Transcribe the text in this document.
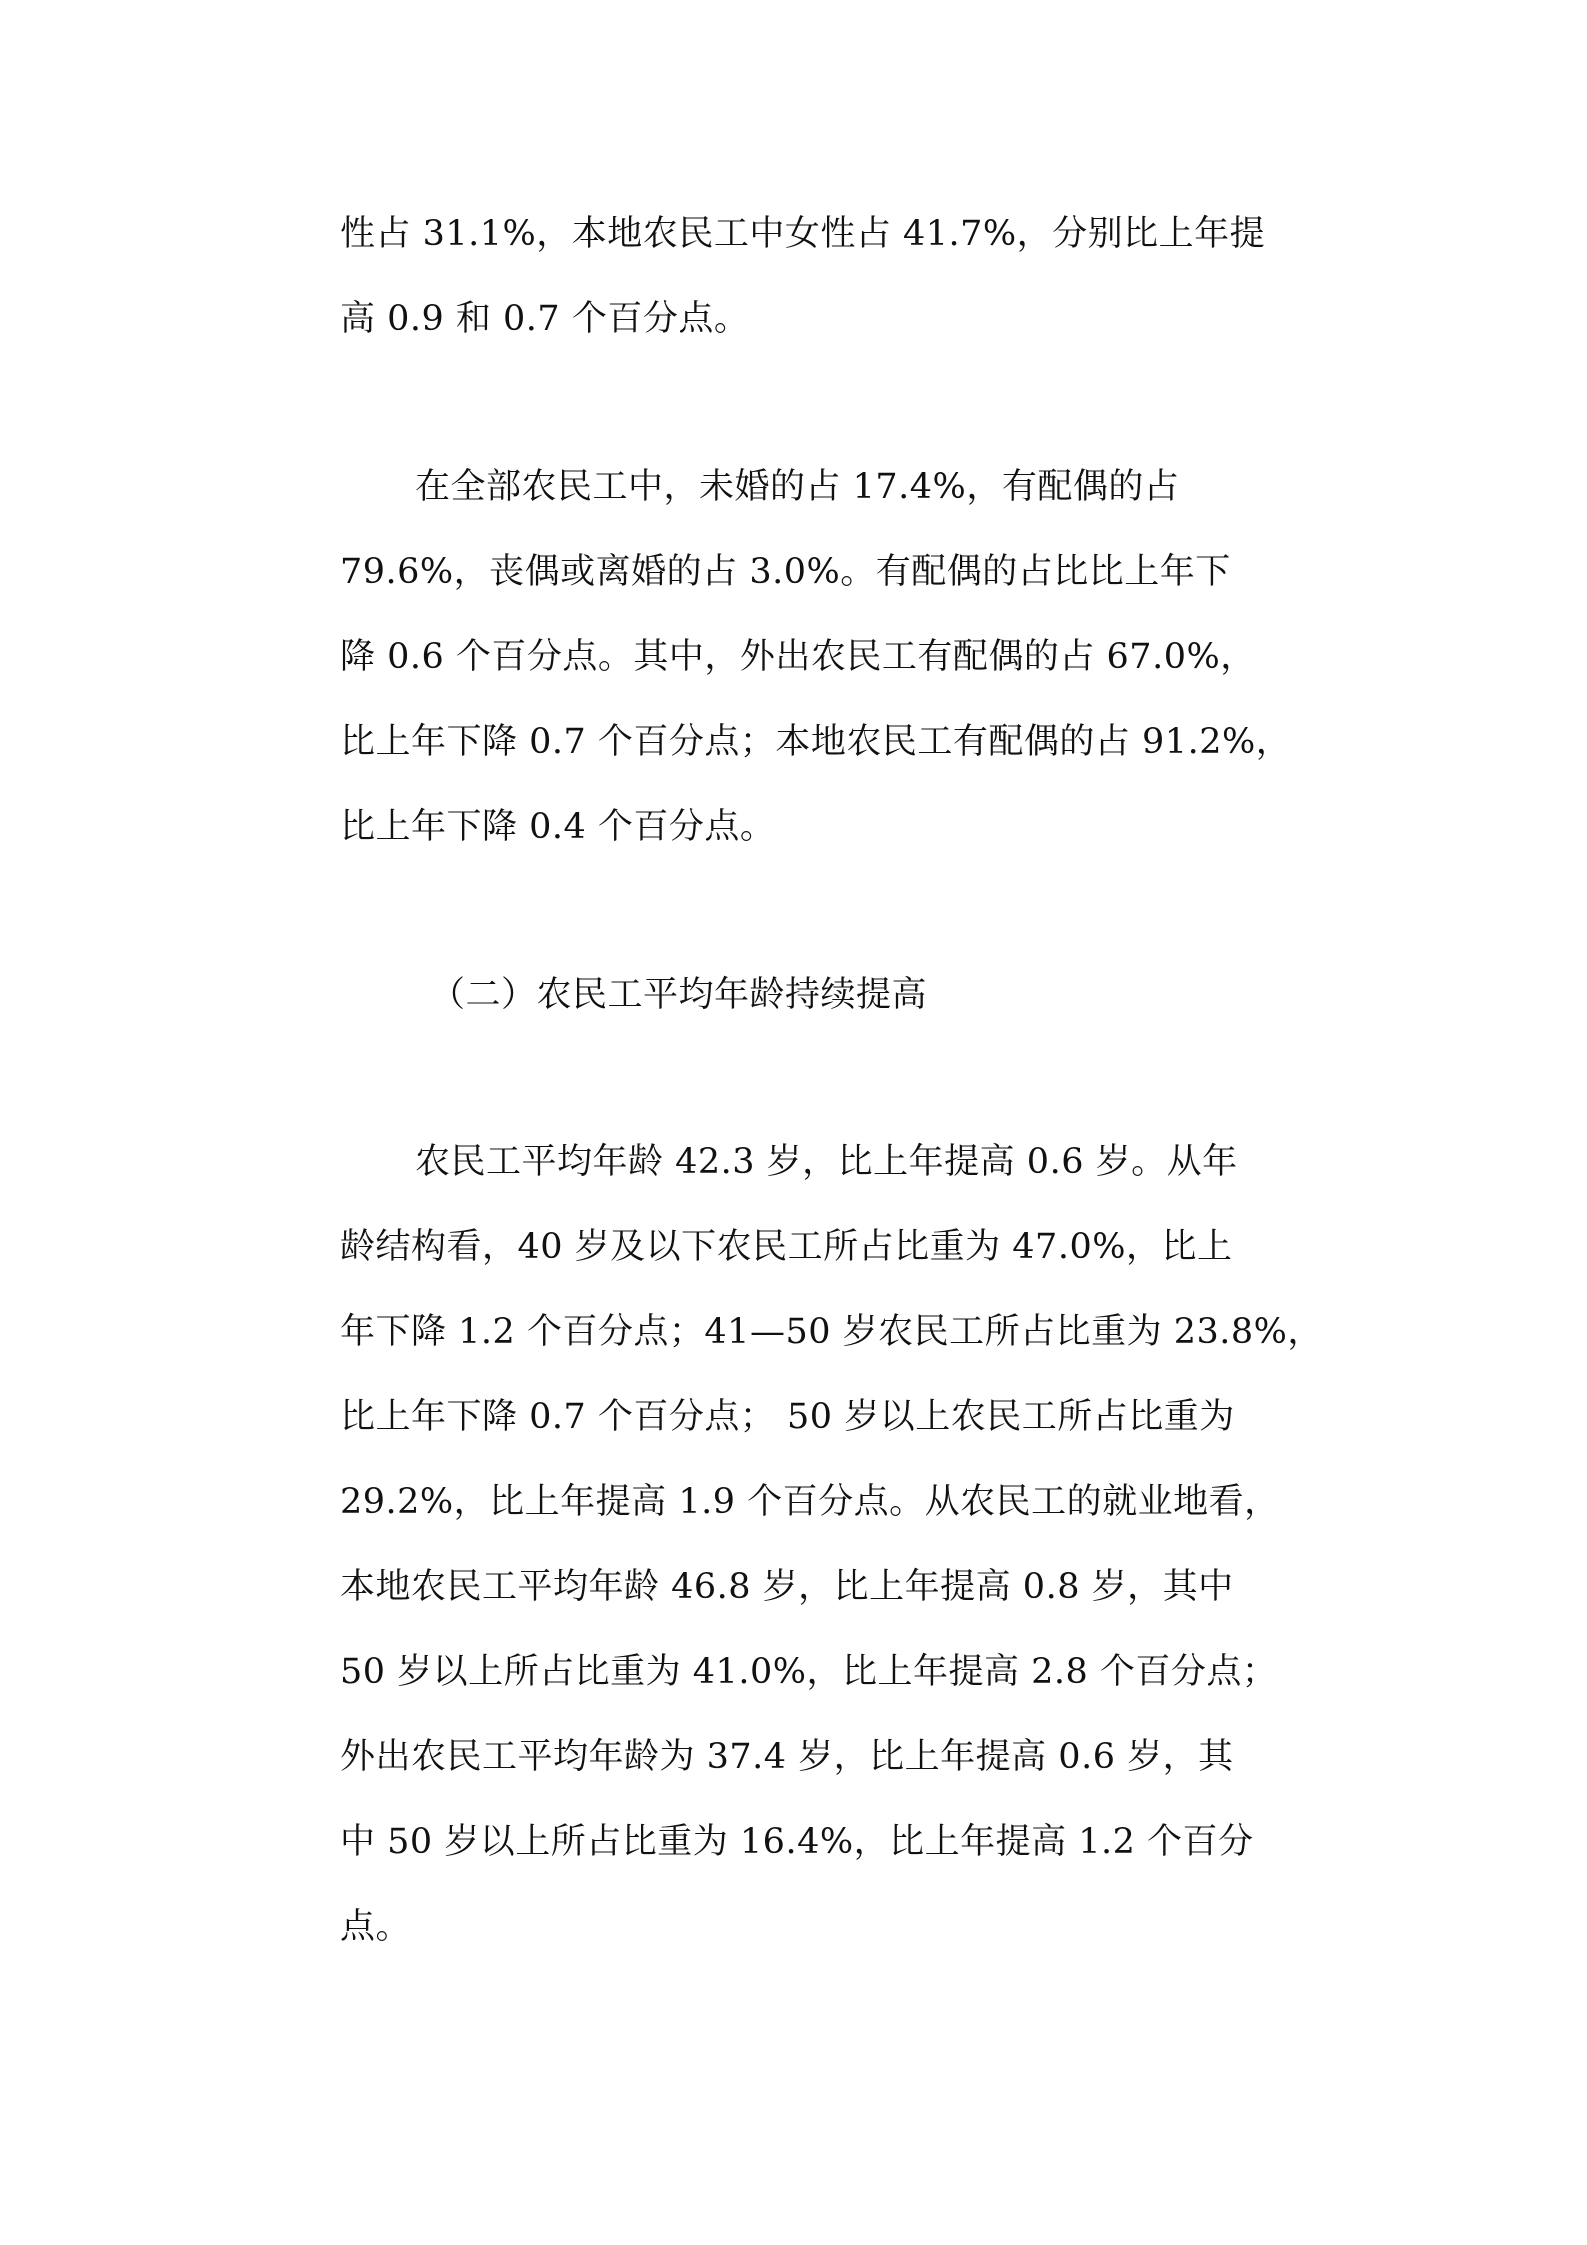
性占 31.1%，本地农民工中女性占 41.7%，分别比上年提
高 0.9 和 0.7 个百分点。
在全部农民工中，未婚的占 17.4%，有配偶的占
79.6%，丧偶或离婚的占 3.0%。有配偶的占比比上年下
降 0.6 个百分点。其中，外出农民工有配偶的占 67.0%，
比上年下降 0.7 个百分点；本地农民工有配偶的占 91.2%，
比上年下降 0.4 个百分点。
（二）农民工平均年龄持续提高
农民工平均年龄 42.3 岁，比上年提高 0.6 岁。从年
龄结构看，40 岁及以下农民工所占比重为 47.0%，比上
年下降 1.2 个百分点；41—50 岁农民工所占比重为 23.8%，
比上年下降 0.7 个百分点； 50 岁以上农民工所占比重为
29.2%，比上年提高 1.9 个百分点。从农民工的就业地看，
本地农民工平均年龄 46.8 岁，比上年提高 0.8 岁，其中
50 岁以上所占比重为 41.0%，比上年提高 2.8 个百分点；
外出农民工平均年龄为 37.4 岁，比上年提高 0.6 岁，其
中 50 岁以上所占比重为 16.4%，比上年提高 1.2 个百分
点。
